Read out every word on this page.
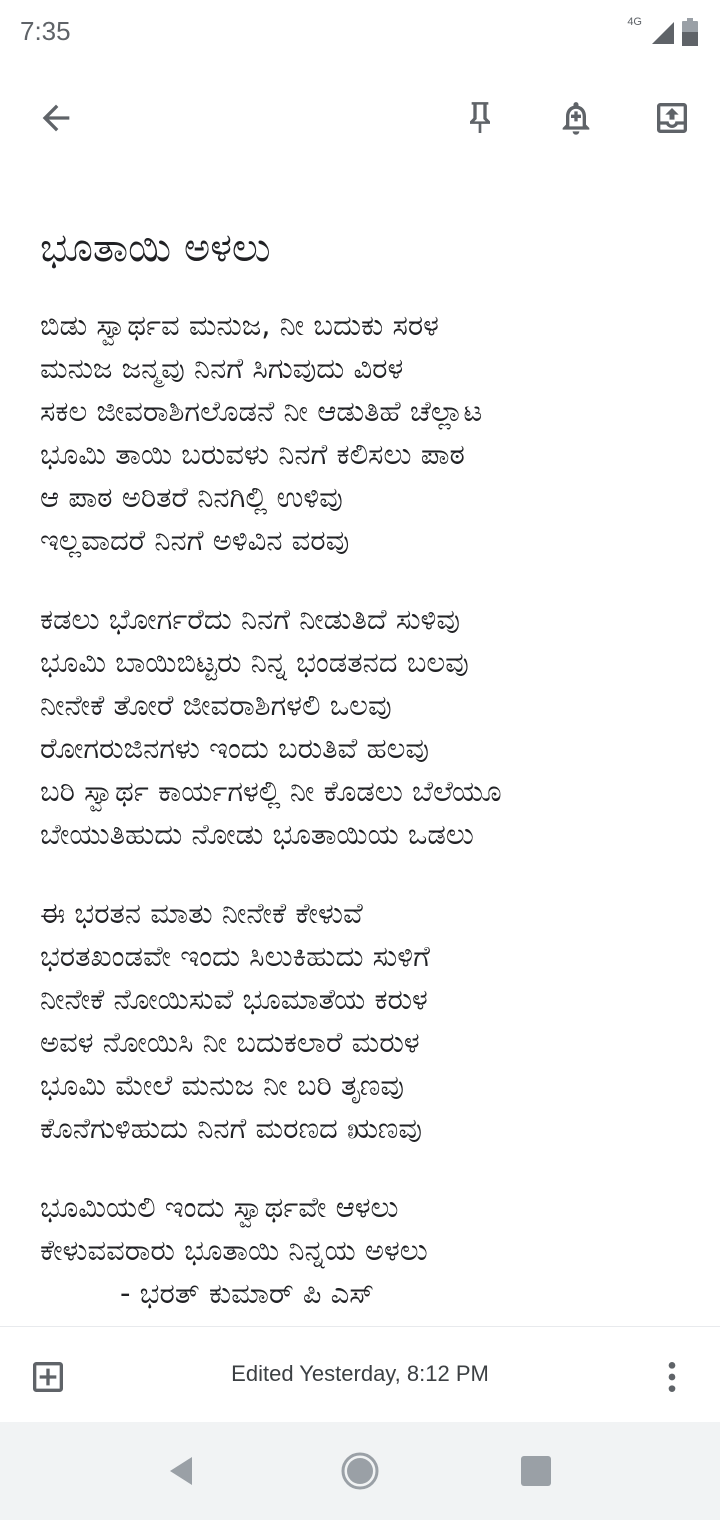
7:35	4G
ಭೂತಾಯಿ ಅಳಲು
ಬಿಡು ಸ್ವಾರ್ಥವ ಮನುಜ, ನೀ ಬದುಕು ಸರಳ
ಮನುಜ ಜನ್ಮವು ನಿನಗೆ ಸಿಗುವುದು ವಿರಳ
ಸಕಲ ಜೀವರಾಶಿಗಲೊಡನೆ ನೀ ಆಡುತಿಹೆ ಚೆಲ್ಲಾಟ
ಭೂಮಿ ತಾಯಿ ಬರುವಳು ನಿನಗೆ ಕಲಿಸಲು ಪಾಠ
ಆ ಪಾಠ ಅರಿತರೆ ನಿನಗಿಲ್ಲಿ ಉಳಿವು
ಇಲ್ಲವಾದರೆ ನಿನಗೆ ಅಳಿವಿನ ವರವು
ಕಡಲು ಭೋರ್ಗರೆದು ನಿನಗೆ ನೀಡುತಿದೆ ಸುಳಿವು
ಭೂಮಿ ಬಾಯಿಬಿಟ್ಟರು ನಿನ್ನ ಭಂಡತನದ ಬಲವು
ನೀನೇಕೆ ತೋರೆ ಜೀವರಾಶಿಗಳಲಿ ಒಲವು
ರೋಗರುಜಿನಗಳು ಇಂದು ಬರುತಿವೆ ಹಲವು
ಬರಿ ಸ್ವಾರ್ಥ ಕಾರ್ಯಗಳಲ್ಲಿ ನೀ ಕೊಡಲು ಬೆಲೆಯೂ
ಬೇಯುತಿಹುದು ನೋಡು ಭೂತಾಯಿಯ ಒಡಲು
ಈ ಭರತನ ಮಾತು ನೀನೇಕೆ ಕೇಳುವೆ
ಭರತಖಂಡವೇ ಇಂದು ಸಿಲುಕಿಹುದು ಸುಳಿಗೆ
ನೀನೇಕೆ ನೋಯಿಸುವೆ ಭೂಮಾತೆಯ ಕರುಳ
ಅವಳ ನೋಯಿಸಿ ನೀ ಬದುಕಲಾರೆ ಮರುಳ
ಭೂಮಿ ಮೇಲೆ ಮನುಜ ನೀ ಬರಿ ತೃಣವು
ಕೊನೆಗುಳಿಹುದು ನಿನಗೆ ಮರಣದ ಋಣವು
ಭೂಮಿಯಲಿ ಇಂದು ಸ್ವಾರ್ಥವೇ ಆಳಲು
ಕೇಳುವವರಾರು ಭೂತಾಯಿ ನಿನ್ನಯ ಅಳಲು
- ಭರತ್ ಕುಮಾರ್ ಪಿ ಎಸ್
Edited Yesterday, 8:12 PM
